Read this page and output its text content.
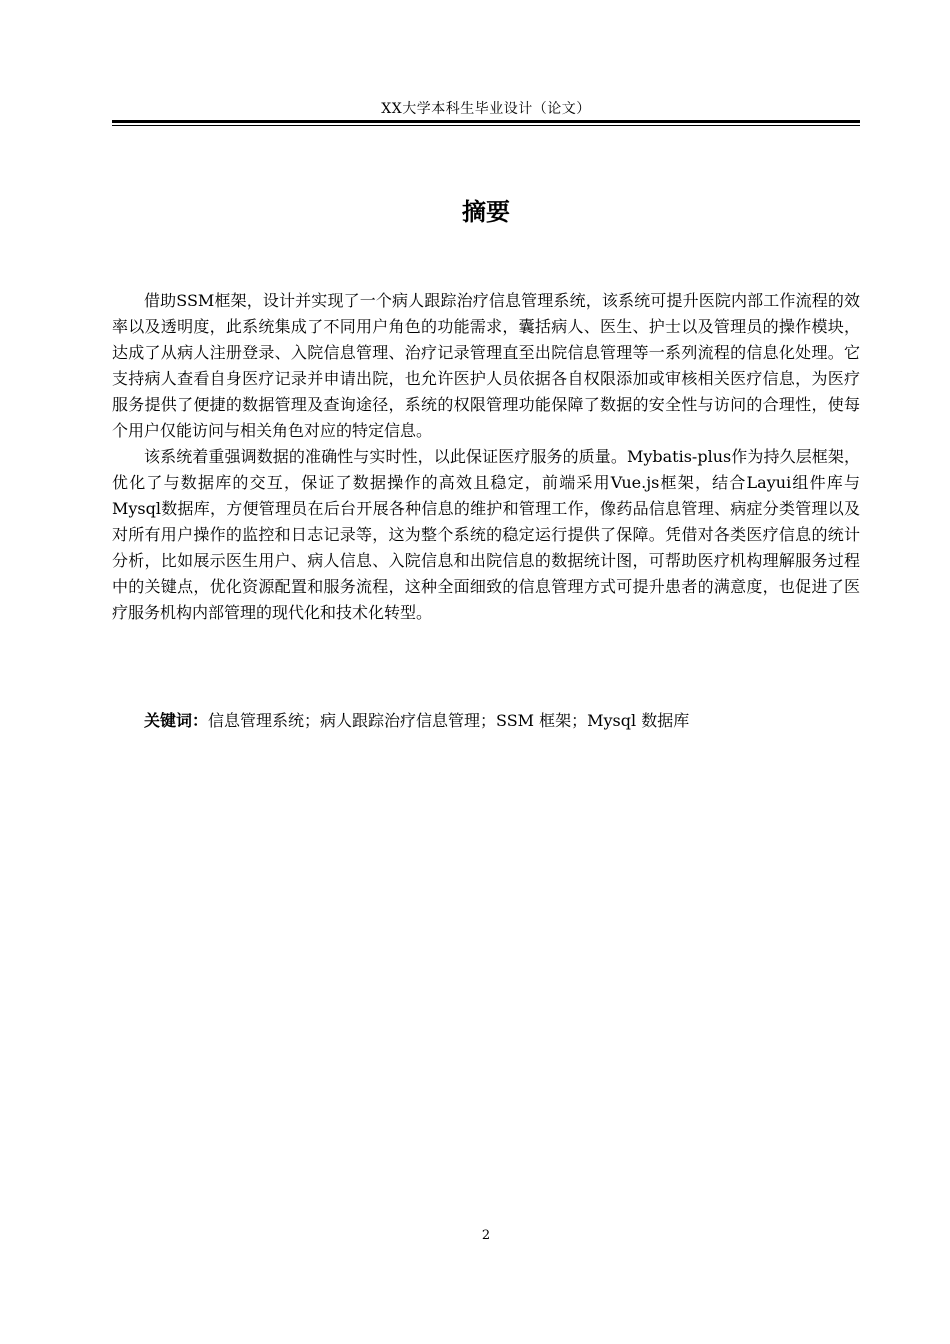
XX大学本科生毕业设计（论文）
摘要

借助SSM框架，设计并实现了一个病人跟踪治疗信息管理系统，该系统可提升医院内部工作流程的效率以及透明度，此系统集成了不同用户角色的功能需求，囊括病人、医生、护士以及管理员的操作模块，达成了从病人注册登录、入院信息管理、治疗记录管理直至出院信息管理等一系列流程的信息化处理。它支持病人查看自身医疗记录并申请出院，也允许医护人员依据各自权限添加或审核相关医疗信息，为医疗服务提供了便捷的数据管理及查询途径，系统的权限管理功能保障了数据的安全性与访问的合理性，使每个用户仅能访问与相关角色对应的特定信息。

该系统着重强调数据的准确性与实时性，以此保证医疗服务的质量。Mybatis-plus作为持久层框架，优化了与数据库的交互，保证了数据操作的高效且稳定，前端采用Vue.js框架，结合Layui组件库与Mysql数据库，方便管理员在后台开展各种信息的维护和管理工作，像药品信息管理、病症分类管理以及对所有用户操作的监控和日志记录等，这为整个系统的稳定运行提供了保障。凭借对各类医疗信息的统计分析，比如展示医生用户、病人信息、入院信息和出院信息的数据统计图，可帮助医疗机构理解服务过程中的关键点，优化资源配置和服务流程，这种全面细致的信息管理方式可提升患者的满意度，也促进了医疗服务机构内部管理的现代化和技术化转型。

关键词：信息管理系统；病人跟踪治疗信息管理；SSM 框架；Mysql 数据库

2
